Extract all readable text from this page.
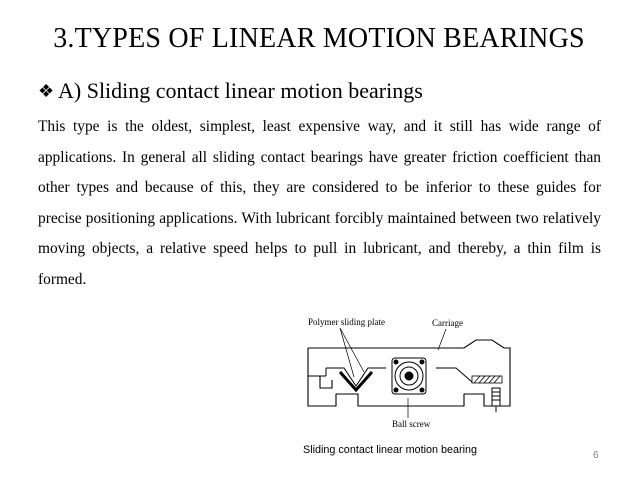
3.TYPES OF LINEAR MOTION BEARINGS
❖ A) Sliding contact linear motion bearings
This type is the oldest, simplest, least expensive way, and it still has wide range of applications. In general all sliding contact bearings have greater friction coefficient than other types and because of this, they are considered to be inferior to these guides for precise positioning applications. With lubricant forcibly maintained between two relatively moving objects, a relative speed helps to pull in lubricant, and thereby, a thin film is formed.
Polymer sliding plate	Carriage
Ball screw
Sliding contact linear motion bearing	6
